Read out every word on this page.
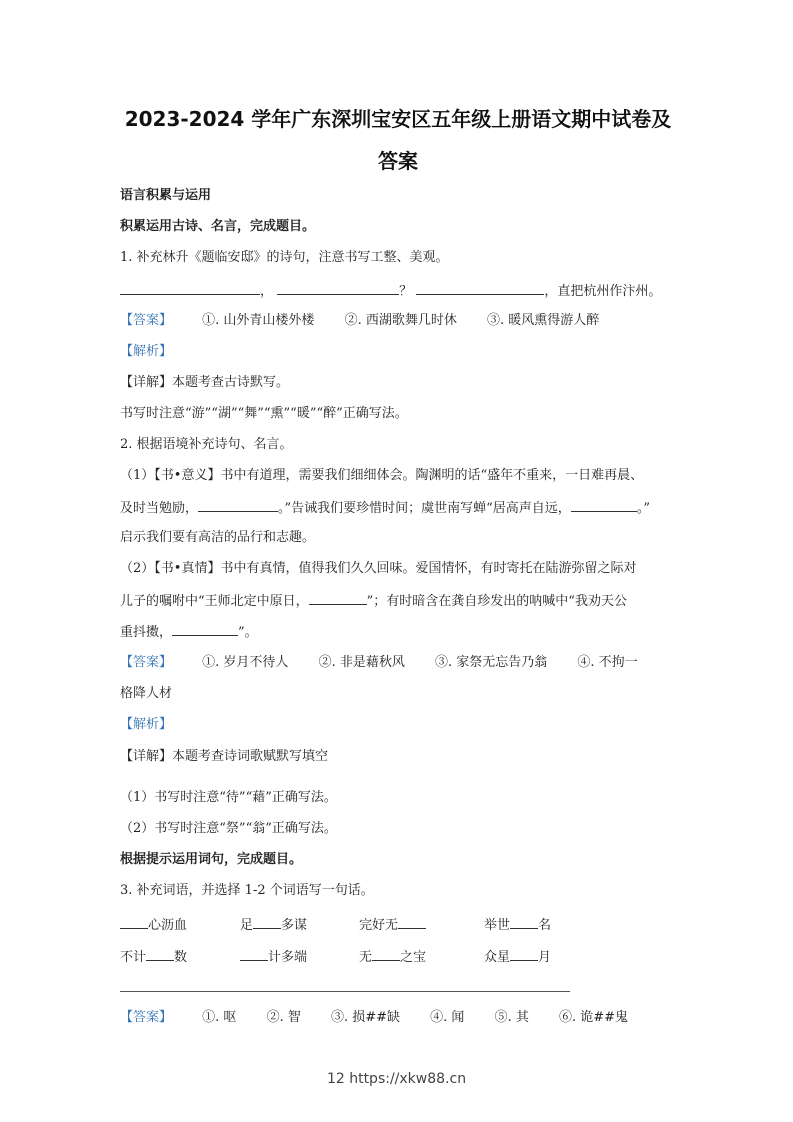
2023-2024 学年广东深圳宝安区五年级上册语文期中试卷及
答案
语言积累与运用
积累运用古诗、名言，完成题目。
1. 补充林升《题临安邸》的诗句，注意书写工整、美观。
，	？	，直把杭州作汴州。
【答案】 ①. 山外青山楼外楼 ②. 西湖歌舞几时休 ③. 暖风熏得游人醉
【解析】
【详解】本题考查古诗默写。
书写时注意“游”“湖”“舞”“熏”“暖”“醉”正确写法。
2. 根据语境补充诗句、名言。
（1）【书•意义】书中有道理，需要我们细细体会。陶渊明的话“盛年不重来，一日难再晨、
及时当勉励，	。”告诫我们要珍惜时间；虞世南写蝉“居高声自远，	。”
启示我们要有高洁的品行和志趣。
（2）【书•真情】书中有真情，值得我们久久回味。爱国情怀，有时寄托在陆游弥留之际对
儿子的嘱咐中“王师北定中原日，	”；有时暗含在龚自珍发出的呐喊中“我劝天公
重抖擞，	”。
【答案】 ①. 岁月不待人 ②. 非是藉秋风 ③. 家祭无忘告乃翁 ④. 不拘一
格降人材
【解析】
【详解】本题考查诗词歌赋默写填空
（1）书写时注意“待”“藉”正确写法。
（2）书写时注意“祭”“翁”正确写法。
根据提示运用词句，完成题目。
3. 补充词语，并选择 1-2 个词语写一句话。
心沥血	足 多谋	完好无	举世 名
不计 数	计多端	无 之宝	众星 月
【答案】 ①. 呕 ②. 智 ③. 损##缺 ④. 闻 ⑤. 其 ⑥. 诡##鬼
12 https://xkw88.cn
